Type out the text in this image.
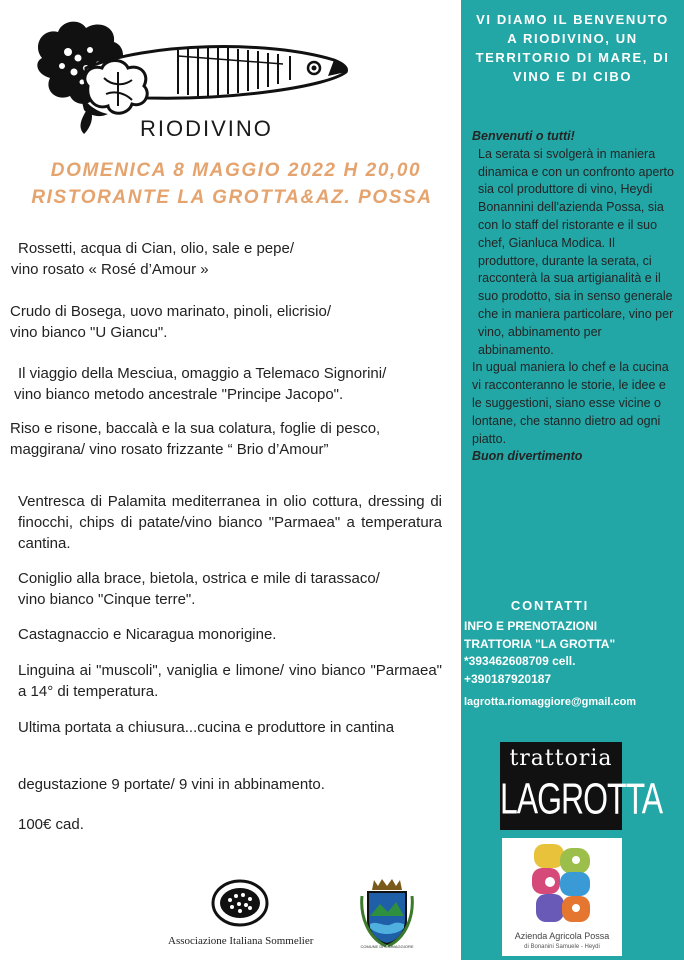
RIODIVINO
DOMENICA 8 MAGGIO 2022 H 20,00
RISTORANTE LA GROTTA&AZ. POSSA
Rossetti, acqua di Cian, olio, sale e pepe/
vino rosato « Rosé d’Amour »
Crudo di Bosega, uovo marinato, pinoli, elicrisio/
vino bianco "U Giancu".
Il viaggio della Mesciua, omaggio a Telemaco Signorini/
vino bianco metodo ancestrale "Principe Jacopo".
Riso e risone, baccalà e la sua colatura, foglie di pesco,
maggirana/ vino rosato frizzante “ Brio d’Amour”
Ventresca di Palamita mediterranea in olio cottura, dressing di finocchi, chips di patate/vino bianco "Parmaea" a temperatura cantina.
Coniglio alla brace, bietola, ostrica e mile di tarassaco/
vino bianco "Cinque terre".
Castagnaccio e Nicaragua monorigine.
Linguina ai "muscoli", vaniglia e limone/ vino bianco "Parmaea" a 14° di temperatura.
Ultima portata a chiusura...cucina e produttore in cantina
degustazione 9 portate/ 9 vini in abbinamento.
100€ cad.
VI DIAMO IL BENVENUTO A RIODIVINO, UN TERRITORIO DI MARE, DI VINO E DI CIBO
Benvenuti o tutti!
La serata si svolgerà in maniera dinamica e con un confronto aperto sia col produttore di vino, Heydi Bonannini dell'azienda Possa, sia con lo staff del ristorante e il suo chef, Gianluca Modica. Il produttore, durante la serata, ci racconterà la sua artigianalità e il suo prodotto, sia in senso generale che in maniera particolare, vino per vino, abbinamento per abbinamento.
In ugual maniera lo chef e la cucina vi racconteranno le storie, le idee e le suggestioni, siano esse vicine o lontane, che stanno dietro ad ogni piatto.
Buon divertimento
CONTATTI
INFO E PRENOTAZIONI
TRATTORIA "LA GROTTA"
*393462608709 cell.
+390187920187
lagrotta.riomaggiore@gmail.com
trattoria
LAGROTTA
Azienda Agricola Possa
di Bonanini Samuele - Heydi
Associazione Italiana Sommelier	COMUNE DI RIOMAGGIORE
